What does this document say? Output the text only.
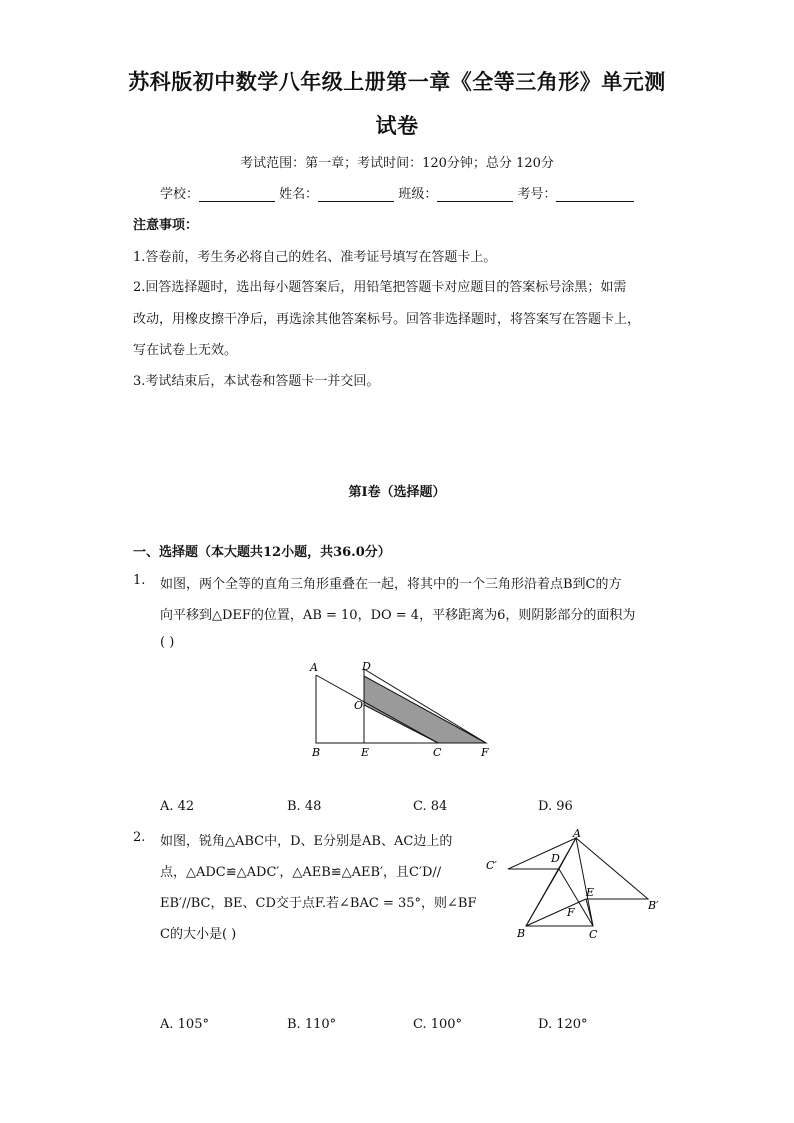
苏科版初中数学八年级上册第一章《全等三角形》单元测
试卷
考试范围：第一章；考试时间：120分钟；总分 120分
学校：	姓名：	班级：	考号：
注意事项：
1.答卷前，考生务必将自己的姓名、准考证号填写在答题卡上。
2.回答选择题时，选出每小题答案后，用铅笔把答题卡对应题目的答案标号涂黑；如需
改动，用橡皮擦干净后，再选涂其他答案标号。回答非选择题时，将答案写在答题卡上，
写在试卷上无效。
3.考试结束后，本试卷和答题卡一并交回。
第Ⅰ卷（选择题）
一、选择题（本大题共12小题，共36.0分）
1. 如图，两个全等的直角三角形重叠在一起，将其中的一个三角形沿着点B到C的方
向平移到△DEF的位置，AB = 10，DO = 4，平移距离为6，则阴影部分的面积为
( )
A	D
O
B	E	C	F
A. 42	B. 48	C. 84	D. 96
2. 如图，锐角△ABC中，D、E分别是AB、AC边上的
点，△ADC≌△ADC′，△AEB≌△AEB′，且C′D//
EB′//BC，BE、CD交于点F.若∠BAC = 35°，则∠BF
C的大小是( )
A
C′
D
E
B′
F
B	C
A. 105°	B. 110°	C. 100°	D. 120°
